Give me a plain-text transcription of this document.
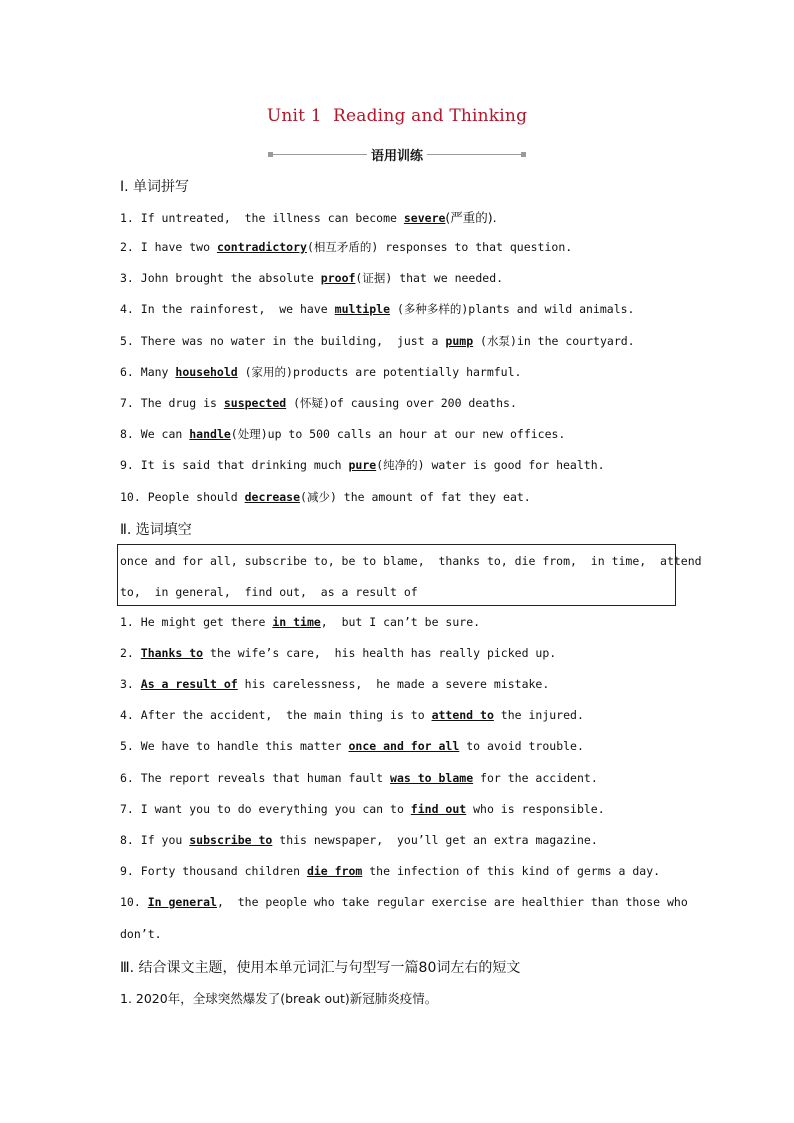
Unit 1  Reading and Thinking
语用训练
Ⅰ. 单词拼写
1. If untreated,  the illness can become severe(严重的).
2. I have two contradictory(相互矛盾的) responses to that question.
3. John brought the absolute proof(证据) that we needed.
4. In the rainforest,  we have multiple (多种多样的)plants and wild animals.
5. There was no water in the building,  just a pump (水泵)in the courtyard.
6. Many household (家用的)products are potentially harmful.
7. The drug is suspected (怀疑)of causing over 200 deaths.
8. We can handle(处理)up to 500 calls an hour at our new offices.
9. It is said that drinking much pure(纯净的) water is good for health.
10. People should decrease(减少) the amount of fat they eat.
Ⅱ. 选词填空
once and for all, subscribe to, be to blame,  thanks to, die from,  in time,  attend
to,  in general,  find out,  as a result of
1. He might get there in time,  but I can’t be sure.
2. Thanks to the wife’s care,  his health has really picked up.
3. As a result of his carelessness,  he made a severe mistake.
4. After the accident,  the main thing is to attend to the injured.
5. We have to handle this matter once and for all to avoid trouble.
6. The report reveals that human fault was to blame for the accident.
7. I want you to do everything you can to find out who is responsible.
8. If you subscribe to this newspaper,  you’ll get an extra magazine.
9. Forty thousand children die from the infection of this kind of germs a day.
10. In general,  the people who take regular exercise are healthier than those who
don’t.
Ⅲ. 结合课文主题，使用本单元词汇与句型写一篇80词左右的短文
1. 2020年，全球突然爆发了(break out)新冠肺炎疫情。
